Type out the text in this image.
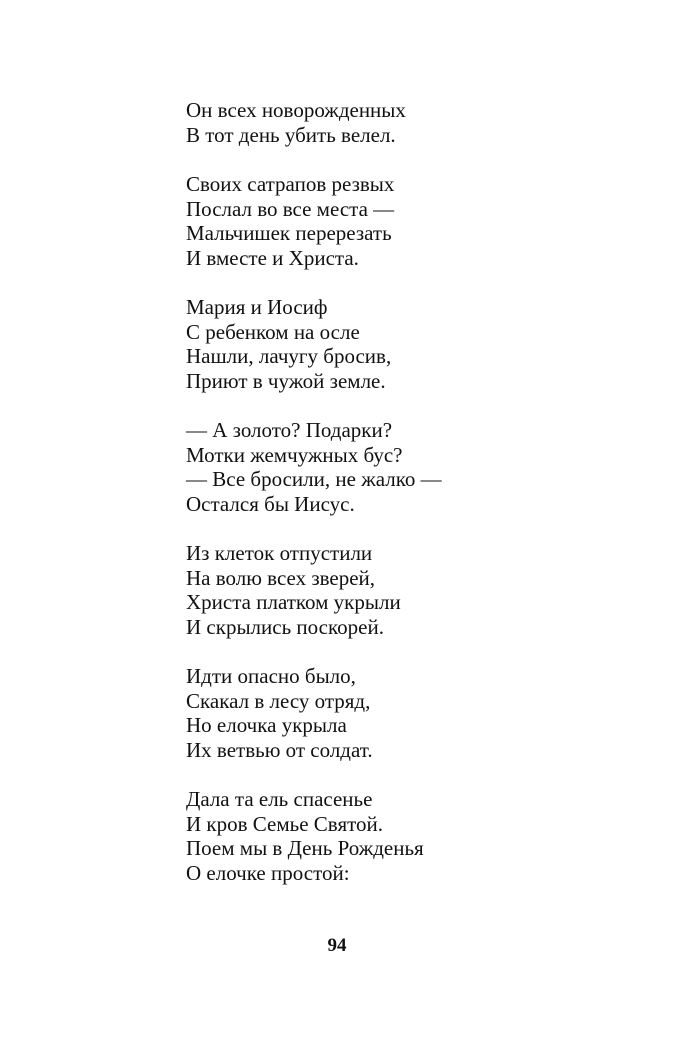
Он всех новорожденных
В тот день убить велел.
Своих сатрапов резвых
Послал во все места —
Мальчишек перерезать
И вместе и Христа.
Мария и Иосиф
С ребенком на осле
Нашли, лачугу бросив,
Приют в чужой земле.
— А золото? Подарки?
Мотки жемчужных бус?
— Все бросили, не жалко —
Остался бы Иисус.
Из клеток отпустили
На волю всех зверей,
Христа платком укрыли
И скрылись поскорей.
Идти опасно было,
Скакал в лесу отряд,
Но елочка укрыла
Их ветвью от солдат.
Дала та ель спасенье
И кров Семье Святой.
Поем мы в День Рожденья
О елочке простой:
94
